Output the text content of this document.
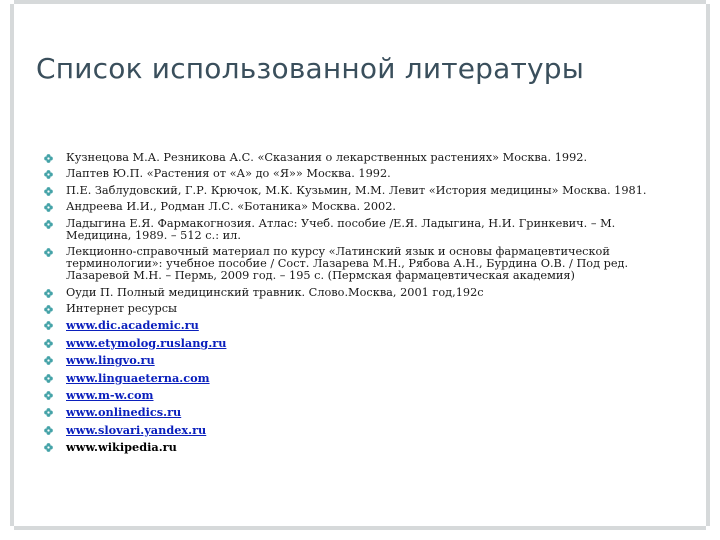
Список использованной литературы
Кузнецова М.А. Резникова А.С. «Сказания о лекарственных растениях» Москва. 1992.
Лаптев Ю.П. «Растения от «А» до «Я»» Москва. 1992.
П.Е. Заблудовский, Г.Р. Крючок, М.К. Кузьмин, М.М. Левит «История медицины» Москва. 1981.
Андреева И.И., Родман Л.С. «Ботаника» Москва. 2002.
Ладыгина Е.Я. Фармакогнозия. Атлас: Учеб. пособие /Е.Я. Ладыгина, Н.И. Гринкевич. – М. Медицина, 1989. – 512 с.: ил.
Лекционно-справочный материал по курсу «Латинский язык и основы фармацевтической терминологии»: учебное пособие / Сост. Лазарева М.Н., Рябова А.Н., Бурдина О.В. / Под ред. Лазаревой М.Н. – Пермь, 2009 год. – 195 с. (Пермская фармацевтическая академия)
Оуди П. Полный медицинский травник. Слово.Москва, 2001 год,192с
Интернет ресурсы
www.dic.academic.ru
www.etymolog.ruslang.ru
www.lingvo.ru
www.linguaeterna.com
www.m-w.com
www.onlinedics.ru
www.slovari.yandex.ru
www.wikipedia.ru
